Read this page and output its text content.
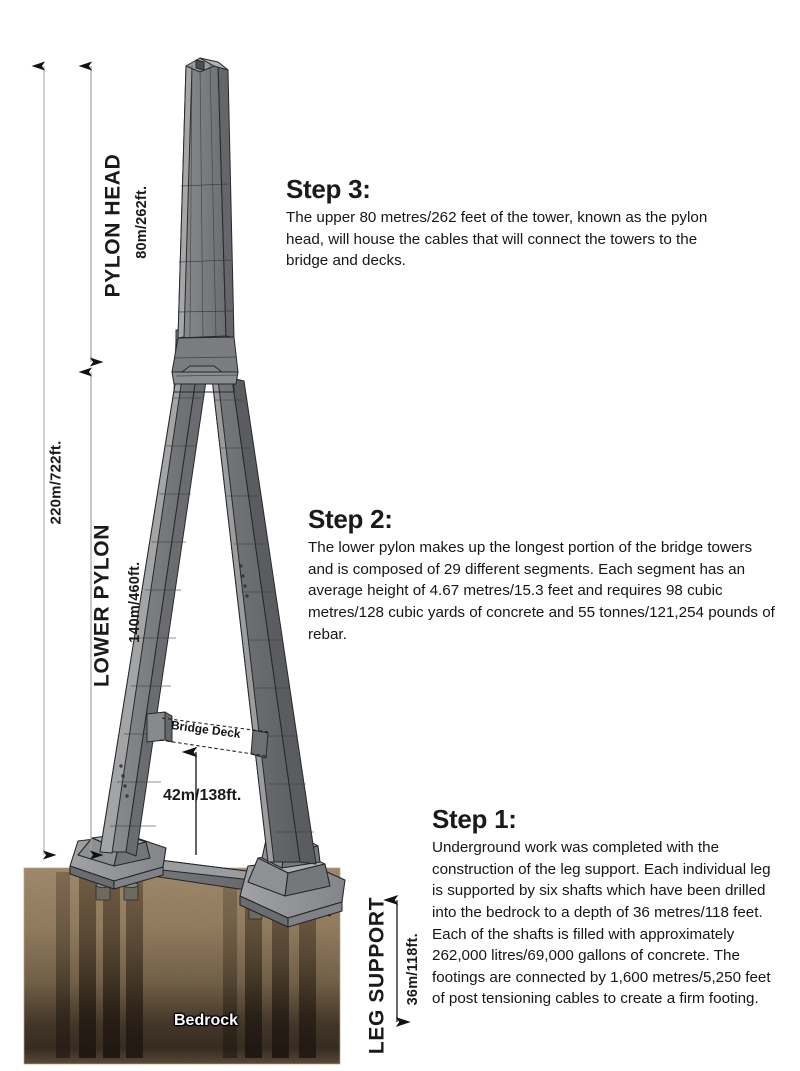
220m/722ft.
PYLON HEAD 80m/262ft.
LOWER PYLON 140m/460ft.
LEG SUPPORT 36m/118ft.
Bridge Deck
42m/138ft.
Bedrock

Step 3:

The upper 80 metres/262 feet of the tower, known as the pylon head, will house the cables that will connect the towers to the bridge and decks.

Step 2:

The lower pylon makes up the longest portion of the bridge towers and is composed of 29 different segments. Each segment has an average height of 4.67 metres/15.3 feet and requires 98 cubic metres/128 cubic yards of concrete and 55 tonnes/121,254 pounds of rebar.

Step 1:

Underground work was completed with the construction of the leg support. Each individual leg is supported by six shafts which have been drilled into the bedrock to a depth of 36 metres/118 feet. Each of the shafts is filled with approximately 262,000 litres/69,000 gallons of concrete. The footings are connected by 1,600 metres/5,250 feet of post tensioning cables to create a firm footing.
